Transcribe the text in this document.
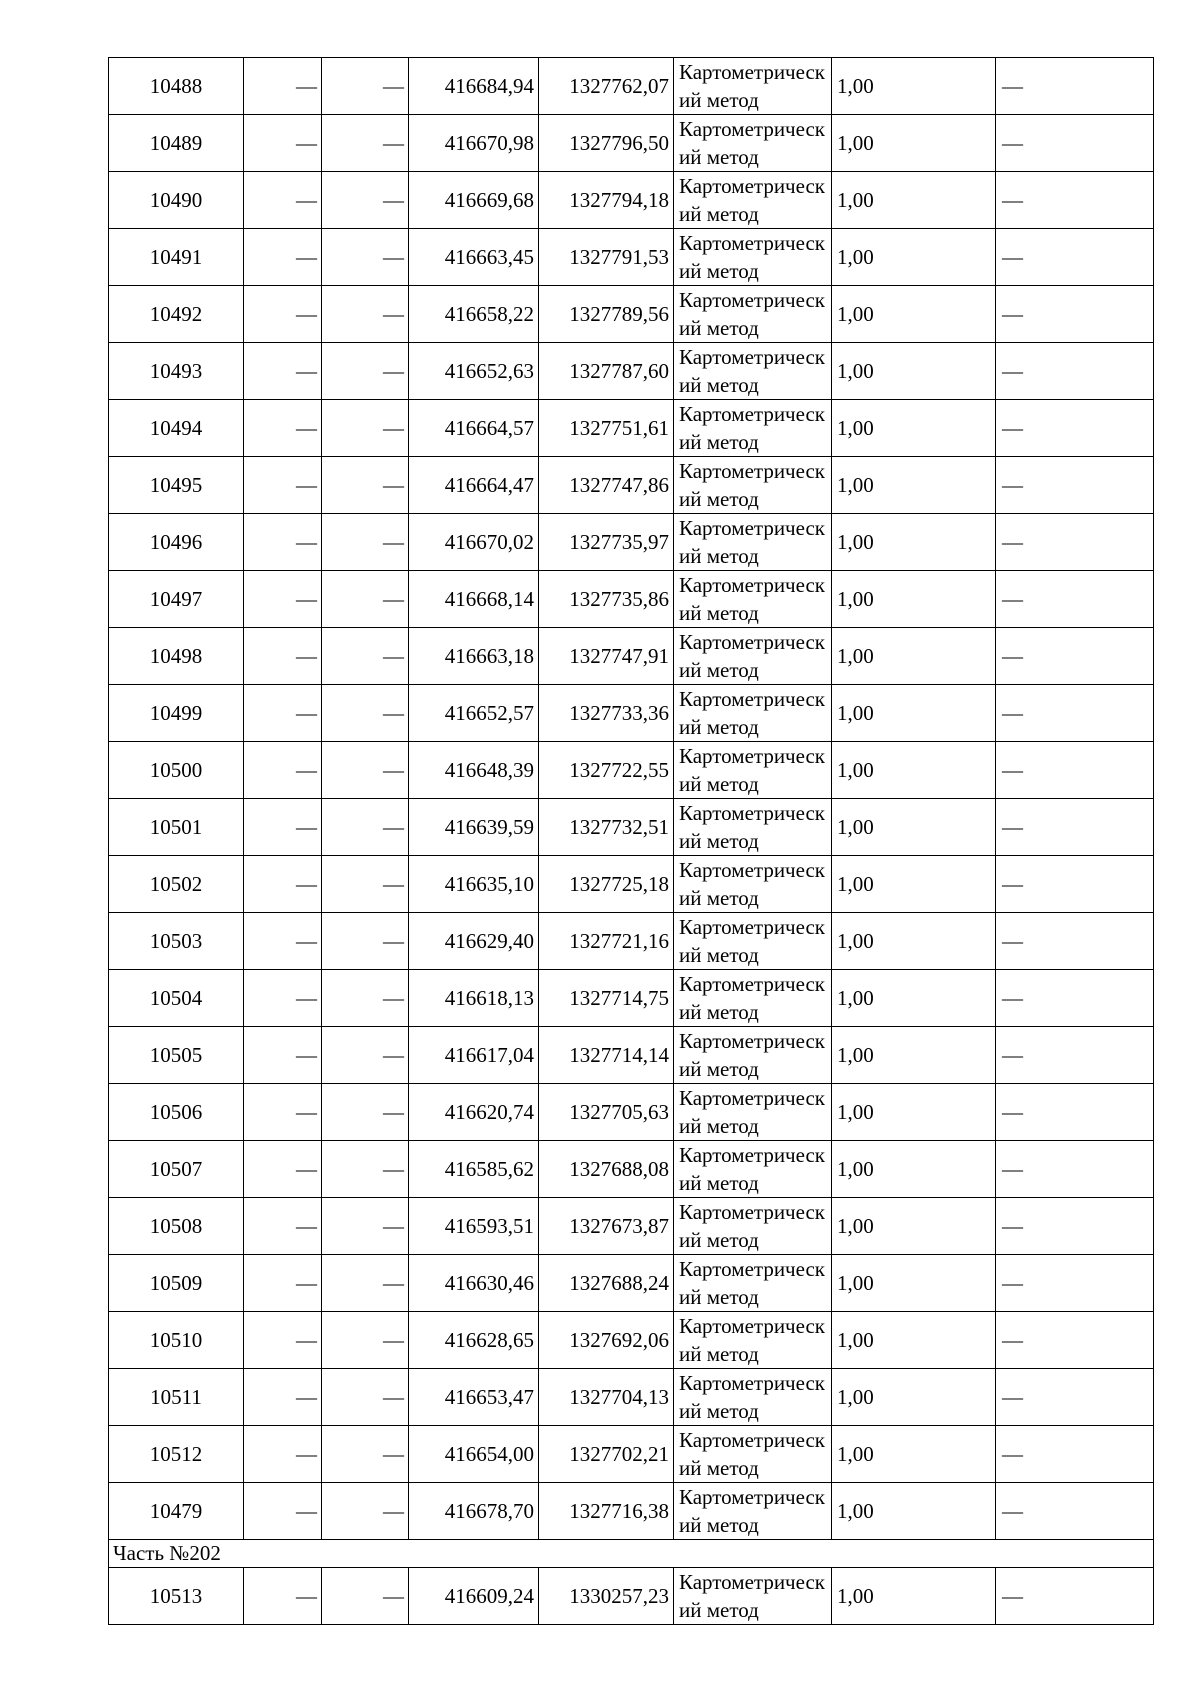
10488	—	—	416684,94	1327762,07	Картометрический метод	1,00	—
10489	—	—	416670,98	1327796,50	Картометрический метод	1,00	—
10490	—	—	416669,68	1327794,18	Картометрический метод	1,00	—
10491	—	—	416663,45	1327791,53	Картометрический метод	1,00	—
10492	—	—	416658,22	1327789,56	Картометрический метод	1,00	—
10493	—	—	416652,63	1327787,60	Картометрический метод	1,00	—
10494	—	—	416664,57	1327751,61	Картометрический метод	1,00	—
10495	—	—	416664,47	1327747,86	Картометрический метод	1,00	—
10496	—	—	416670,02	1327735,97	Картометрический метод	1,00	—
10497	—	—	416668,14	1327735,86	Картометрический метод	1,00	—
10498	—	—	416663,18	1327747,91	Картометрический метод	1,00	—
10499	—	—	416652,57	1327733,36	Картометрический метод	1,00	—
10500	—	—	416648,39	1327722,55	Картометрический метод	1,00	—
10501	—	—	416639,59	1327732,51	Картометрический метод	1,00	—
10502	—	—	416635,10	1327725,18	Картометрический метод	1,00	—
10503	—	—	416629,40	1327721,16	Картометрический метод	1,00	—
10504	—	—	416618,13	1327714,75	Картометрический метод	1,00	—
10505	—	—	416617,04	1327714,14	Картометрический метод	1,00	—
10506	—	—	416620,74	1327705,63	Картометрический метод	1,00	—
10507	—	—	416585,62	1327688,08	Картометрический метод	1,00	—
10508	—	—	416593,51	1327673,87	Картометрический метод	1,00	—
10509	—	—	416630,46	1327688,24	Картометрический метод	1,00	—
10510	—	—	416628,65	1327692,06	Картометрический метод	1,00	—
10511	—	—	416653,47	1327704,13	Картометрический метод	1,00	—
10512	—	—	416654,00	1327702,21	Картометрический метод	1,00	—
10479	—	—	416678,70	1327716,38	Картометрический метод	1,00	—
Часть №202							
10513	—	—	416609,24	1330257,23	Картометрический метод	1,00	—
